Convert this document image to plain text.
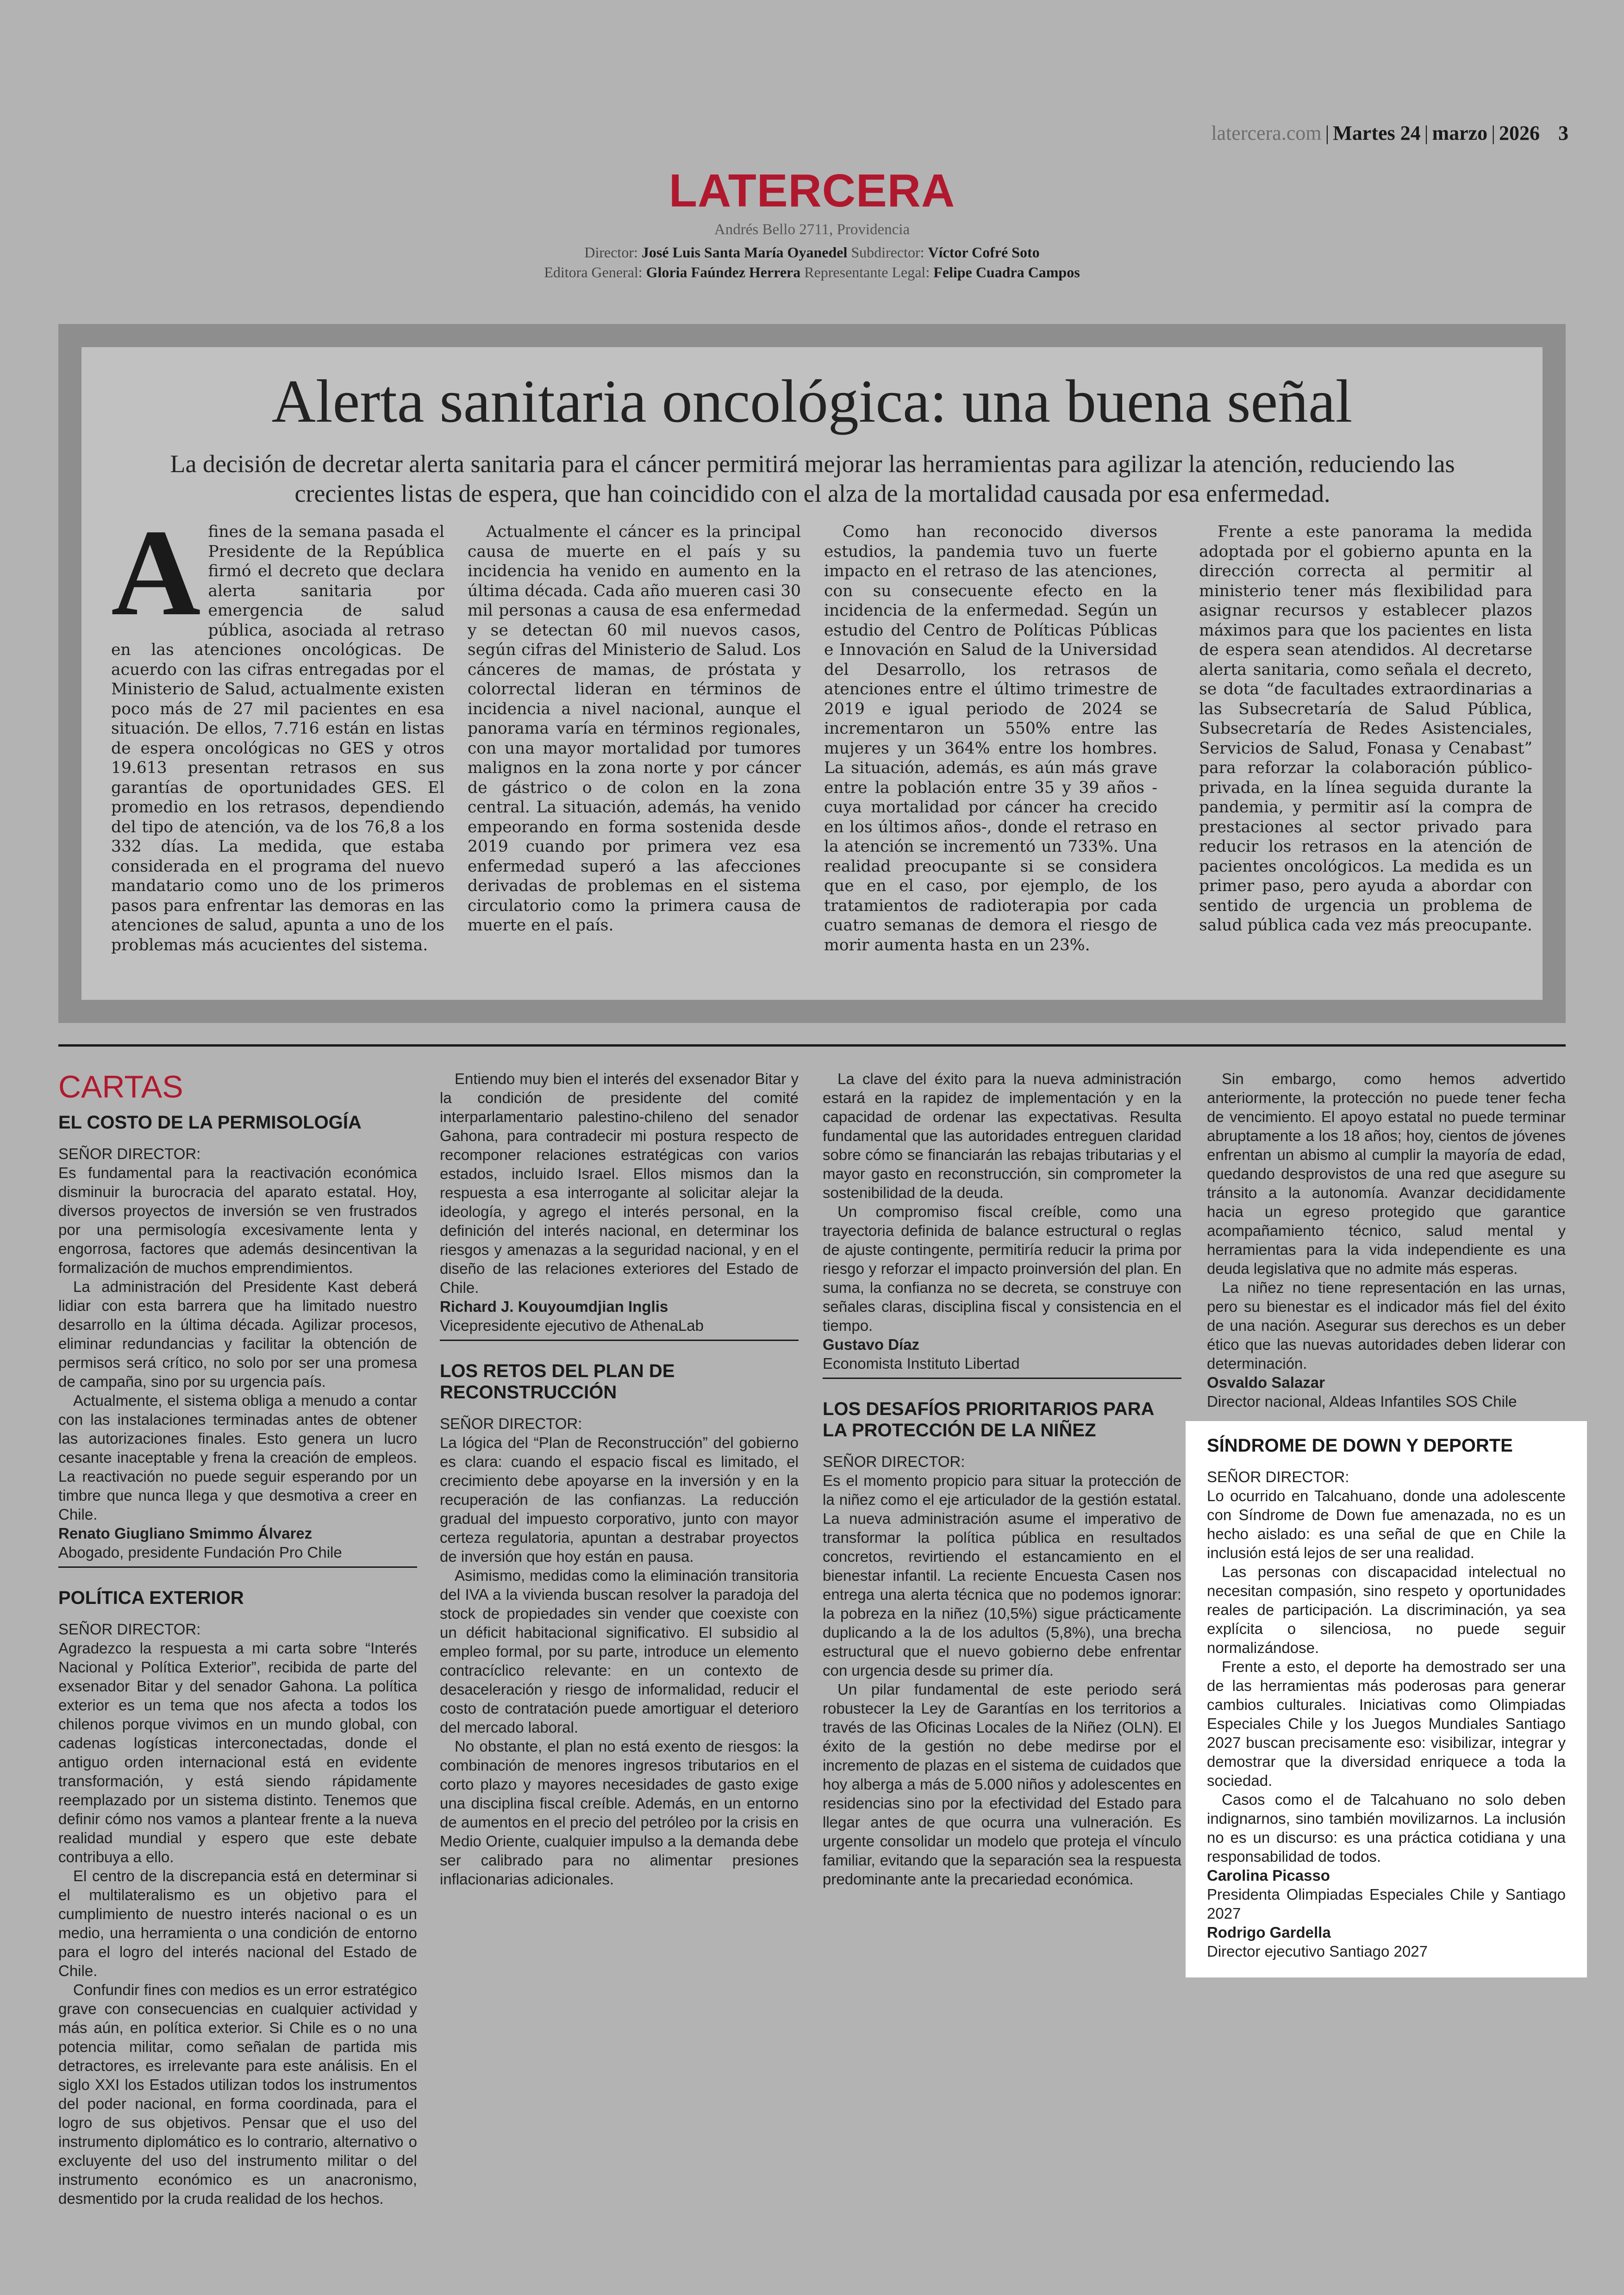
latercera.com | Martes 24 | marzo | 2026 3
LATERCERA
Andrés Bello 2711, Providencia
Director: José Luis Santa María Oyanedel Subdirector: Víctor Cofré Soto
Editora General: Gloria Faúndez Herrera Representante Legal: Felipe Cuadra Campos
Alerta sanitaria oncológica: una buena señal
La decisión de decretar alerta sanitaria para el cáncer permitirá mejorar las herramientas para agilizar la atención, reduciendo las crecientes listas de espera, que han coincidido con el alza de la mortalidad causada por esa enfermedad.
A fines de la semana pasada el Presidente de la República firmó el decreto que declara alerta sanitaria por emergencia de salud pública, asociada al retraso en las atenciones oncológicas. De acuerdo con las cifras entregadas por el Ministerio de Salud, actualmente existen poco más de 27 mil pacientes en esa situación. De ellos, 7.716 están en listas de espera oncológicas no GES y otros 19.613 presentan retrasos en sus garantías de oportunidades GES. El promedio en los retrasos, dependiendo del tipo de atención, va de los 76,8 a los 332 días. La medida, que estaba considerada en el programa del nuevo mandatario como uno de los primeros pasos para enfrentar las demoras en las atenciones de salud, apunta a uno de los problemas más acucientes del sistema.

Actualmente el cáncer es la principal causa de muerte en el país y su incidencia ha venido en aumento en la última década. Cada año mueren casi 30 mil personas a causa de esa enfermedad y se detectan 60 mil nuevos casos, según cifras del Ministerio de Salud. Los cánceres de mamas, de próstata y colorrectal lideran en términos de incidencia a nivel nacional, aunque el panorama varía en términos regionales, con una mayor mortalidad por tumores malignos en la zona norte y por cáncer de gástrico o de colon en la zona central. La situación, además, ha venido empeorando en forma sostenida desde 2019 cuando por primera vez esa enfermedad superó a las afecciones derivadas de problemas en el sistema circulatorio como la primera causa de muerte en el país.

Como han reconocido diversos estudios, la pandemia tuvo un fuerte impacto en el retraso de las atenciones, con su consecuente efecto en la incidencia de la enfermedad. Según un estudio del Centro de Políticas Públicas e Innovación en Salud de la Universidad del Desarrollo, los retrasos de atenciones entre el último trimestre de 2019 e igual periodo de 2024 se incrementaron un 550% entre las mujeres y un 364% entre los hombres. La situación, además, es aún más grave entre la población entre 35 y 39 años -cuya mortalidad por cáncer ha crecido en los últimos años-, donde el retraso en la atención se incrementó un 733%. Una realidad preocupante si se considera que en el caso, por ejemplo, de los tratamientos de radioterapia por cada cuatro semanas de demora el riesgo de morir aumenta hasta en un 23%.

Frente a este panorama la medida adoptada por el gobierno apunta en la dirección correcta al permitir al ministerio tener más flexibilidad para asignar recursos y establecer plazos máximos para que los pacientes en lista de espera sean atendidos. Al decretarse alerta sanitaria, como señala el decreto, se dota “de facultades extraordinarias a las Subsecretaría de Salud Pública, Subsecretaría de Redes Asistenciales, Servicios de Salud, Fonasa y Cenabast” para reforzar la colaboración público-privada, en la línea seguida durante la pandemia, y permitir así la compra de prestaciones al sector privado para reducir los retrasos en la atención de pacientes oncológicos. La medida es un primer paso, pero ayuda a abordar con sentido de urgencia un problema de salud pública cada vez más preocupante.

CARTAS
EL COSTO DE LA PERMISOLOGÍA

SEÑOR DIRECTOR:

Es fundamental para la reactivación económica disminuir la burocracia del aparato estatal. Hoy, diversos proyectos de inversión se ven frustrados por una permisología excesivamente lenta y engorrosa, factores que además desincentivan la formalización de muchos emprendimientos.

La administración del Presidente Kast deberá lidiar con esta barrera que ha limitado nuestro desarrollo en la última década. Agilizar procesos, eliminar redundancias y facilitar la obtención de permisos será crítico, no solo por ser una promesa de campaña, sino por su urgencia país.

Actualmente, el sistema obliga a menudo a contar con las instalaciones terminadas antes de obtener las autorizaciones finales. Esto genera un lucro cesante inaceptable y frena la creación de empleos. La reactivación no puede seguir esperando por un timbre que nunca llega y que desmotiva a creer en Chile.

Renato Giugliano Smimmo Álvarez

Abogado, presidente Fundación Pro Chile

POLÍTICA EXTERIOR

SEÑOR DIRECTOR:

Agradezco la respuesta a mi carta sobre “Interés Nacional y Política Exterior”, recibida de parte del exsenador Bitar y del senador Gahona. La política exterior es un tema que nos afecta a todos los chilenos porque vivimos en un mundo global, con cadenas logísticas interconectadas, donde el antiguo orden internacional está en evidente transformación, y está siendo rápidamente reemplazado por un sistema distinto. Tenemos que definir cómo nos vamos a plantear frente a la nueva realidad mundial y espero que este debate contribuya a ello.

El centro de la discrepancia está en determinar si el multilateralismo es un objetivo para el cumplimiento de nuestro interés nacional o es un medio, una herramienta o una condición de entorno para el logro del interés nacional del Estado de Chile.

Confundir fines con medios es un error estratégico grave con consecuencias en cualquier actividad y más aún, en política exterior. Si Chile es o no una potencia militar, como señalan de partida mis detractores, es irrelevante para este análisis. En el siglo XXI los Estados utilizan todos los instrumentos del poder nacional, en forma coordinada, para el logro de sus objetivos. Pensar que el uso del instrumento diplomático es lo contrario, alternativo o excluyente del uso del instrumento militar o del instrumento económico es un anacronismo, desmentido por la cruda realidad de los hechos.

Entiendo muy bien el interés del exsenador Bitar y la condición de presidente del comité interparlamentario palestino-chileno del senador Gahona, para contradecir mi postura respecto de recomponer relaciones estratégicas con varios estados, incluido Israel. Ellos mismos dan la respuesta a esa interrogante al solicitar alejar la ideología, y agrego el interés personal, en la definición del interés nacional, en determinar los riesgos y amenazas a la seguridad nacional, y en el diseño de las relaciones exteriores del Estado de Chile.

Richard J. Kouyoumdjian Inglis

Vicepresidente ejecutivo de AthenaLab

LOS RETOS DEL PLAN DE RECONSTRUCCIÓN

SEÑOR DIRECTOR:

La lógica del “Plan de Reconstrucción” del gobierno es clara: cuando el espacio fiscal es limitado, el crecimiento debe apoyarse en la inversión y en la recuperación de las confianzas. La reducción gradual del impuesto corporativo, junto con mayor certeza regulatoria, apuntan a destrabar proyectos de inversión que hoy están en pausa.

Asimismo, medidas como la eliminación transitoria del IVA a la vivienda buscan resolver la paradoja del stock de propiedades sin vender que coexiste con un déficit habitacional significativo. El subsidio al empleo formal, por su parte, introduce un elemento contracíclico relevante: en un contexto de desaceleración y riesgo de informalidad, reducir el costo de contratación puede amortiguar el deterioro del mercado laboral.

No obstante, el plan no está exento de riesgos: la combinación de menores ingresos tributarios en el corto plazo y mayores necesidades de gasto exige una disciplina fiscal creíble. Además, en un entorno de aumentos en el precio del petróleo por la crisis en Medio Oriente, cualquier impulso a la demanda debe ser calibrado para no alimentar presiones inflacionarias adicionales.

La clave del éxito para la nueva administración estará en la rapidez de implementación y en la capacidad de ordenar las expectativas. Resulta fundamental que las autoridades entreguen claridad sobre cómo se financiarán las rebajas tributarias y el mayor gasto en reconstrucción, sin comprometer la sostenibilidad de la deuda.

Un compromiso fiscal creíble, como una trayectoria definida de balance estructural o reglas de ajuste contingente, permitiría reducir la prima por riesgo y reforzar el impacto proinversión del plan. En suma, la confianza no se decreta, se construye con señales claras, disciplina fiscal y consistencia en el tiempo.

Gustavo Díaz

Economista Instituto Libertad

LOS DESAFÍOS PRIORITARIOS PARA LA PROTECCIÓN DE LA NIÑEZ

SEÑOR DIRECTOR:

Es el momento propicio para situar la protección de la niñez como el eje articulador de la gestión estatal. La nueva administración asume el imperativo de transformar la política pública en resultados concretos, revirtiendo el estancamiento en el bienestar infantil. La reciente Encuesta Casen nos entrega una alerta técnica que no podemos ignorar: la pobreza en la niñez (10,5%) sigue prácticamente duplicando a la de los adultos (5,8%), una brecha estructural que el nuevo gobierno debe enfrentar con urgencia desde su primer día.

Un pilar fundamental de este periodo será robustecer la Ley de Garantías en los territorios a través de las Oficinas Locales de la Niñez (OLN). El éxito de la gestión no debe medirse por el incremento de plazas en el sistema de cuidados que hoy alberga a más de 5.000 niños y adolescentes en residencias sino por la efectividad del Estado para llegar antes de que ocurra una vulneración. Es urgente consolidar un modelo que proteja el vínculo familiar, evitando que la separación sea la respuesta predominante ante la precariedad económica.

Sin embargo, como hemos advertido anteriormente, la protección no puede tener fecha de vencimiento. El apoyo estatal no puede terminar abruptamente a los 18 años; hoy, cientos de jóvenes enfrentan un abismo al cumplir la mayoría de edad, quedando desprovistos de una red que asegure su tránsito a la autonomía. Avanzar decididamente hacia un egreso protegido que garantice acompañamiento técnico, salud mental y herramientas para la vida independiente es una deuda legislativa que no admite más esperas.

La niñez no tiene representación en las urnas, pero su bienestar es el indicador más fiel del éxito de una nación. Asegurar sus derechos es un deber ético que las nuevas autoridades deben liderar con determinación.

Osvaldo Salazar

Director nacional, Aldeas Infantiles SOS Chile

SÍNDROME DE DOWN Y DEPORTE

SEÑOR DIRECTOR:

Lo ocurrido en Talcahuano, donde una adolescente con Síndrome de Down fue amenazada, no es un hecho aislado: es una señal de que en Chile la inclusión está lejos de ser una realidad.

Las personas con discapacidad intelectual no necesitan compasión, sino respeto y oportunidades reales de participación. La discriminación, ya sea explícita o silenciosa, no puede seguir normalizándose.

Frente a esto, el deporte ha demostrado ser una de las herramientas más poderosas para generar cambios culturales. Iniciativas como Olimpiadas Especiales Chile y los Juegos Mundiales Santiago 2027 buscan precisamente eso: visibilizar, integrar y demostrar que la diversidad enriquece a toda la sociedad.

Casos como el de Talcahuano no solo deben indignarnos, sino también movilizarnos. La inclusión no es un discurso: es una práctica cotidiana y una responsabilidad de todos.

Carolina Picasso

Presidenta Olimpiadas Especiales Chile y Santiago 2027

Rodrigo Gardella

Director ejecutivo Santiago 2027
